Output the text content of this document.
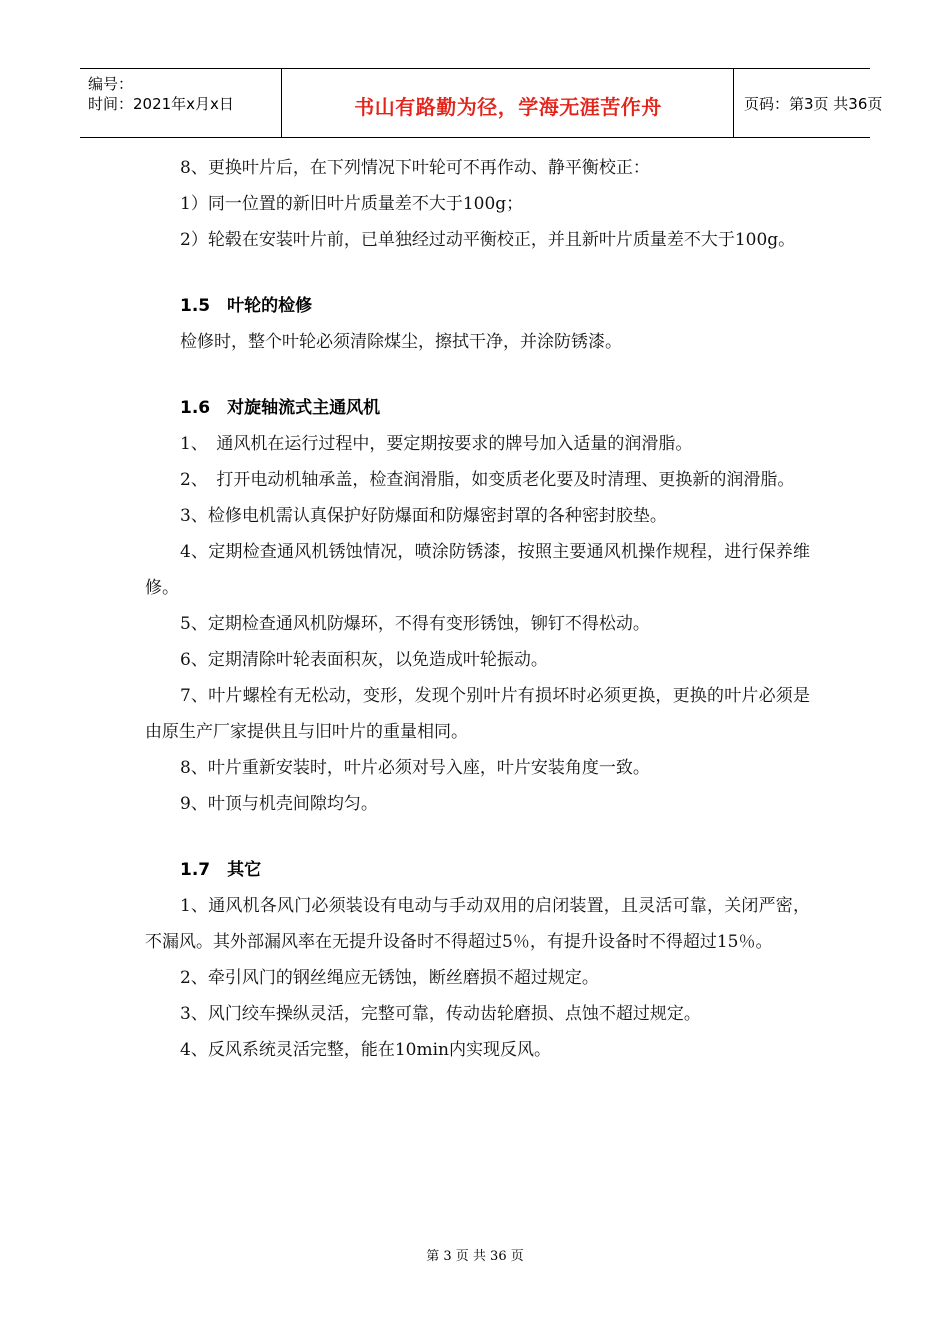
编号：
时间：2021年x月x日	书山有路勤为径，学海无涯苦作舟	页码：第3页 共36页

8、更换叶片后，在下列情况下叶轮可不再作动、静平衡校正：

1）同一位置的新旧叶片质量差不大于100g；

2）轮毂在安装叶片前，已单独经过动平衡校正，并且新叶片质量差不大于100g。

1.5　叶轮的检修

检修时，整个叶轮必须清除煤尘，擦拭干净，并涂防锈漆。

1.6　对旋轴流式主通风机

1、　通风机在运行过程中，要定期按要求的牌号加入适量的润滑脂。

2、　打开电动机轴承盖，检查润滑脂，如变质老化要及时清理、更换新的润滑脂。

3、检修电机需认真保护好防爆面和防爆密封罩的各种密封胶垫。

4、定期检查通风机锈蚀情况，喷涂防锈漆，按照主要通风机操作规程，进行保养维修。

5、定期检查通风机防爆环，不得有变形锈蚀，铆钉不得松动。

6、定期清除叶轮表面积灰，以免造成叶轮振动。

7、叶片螺栓有无松动，变形，发现个别叶片有损坏时必须更换，更换的叶片必须是由原生产厂家提供且与旧叶片的重量相同。

8、叶片重新安装时，叶片必须对号入座，叶片安装角度一致。

9、叶顶与机壳间隙均匀。

1.7　其它

1、通风机各风门必须装设有电动与手动双用的启闭装置，且灵活可靠，关闭严密，不漏风。其外部漏风率在无提升设备时不得超过5％，有提升设备时不得超过15％。

2、牵引风门的钢丝绳应无锈蚀，断丝磨损不超过规定。

3、风门绞车操纵灵活，完整可靠，传动齿轮磨损、点蚀不超过规定。

4、反风系统灵活完整，能在10min内实现反风。

第 3 页 共 36 页
